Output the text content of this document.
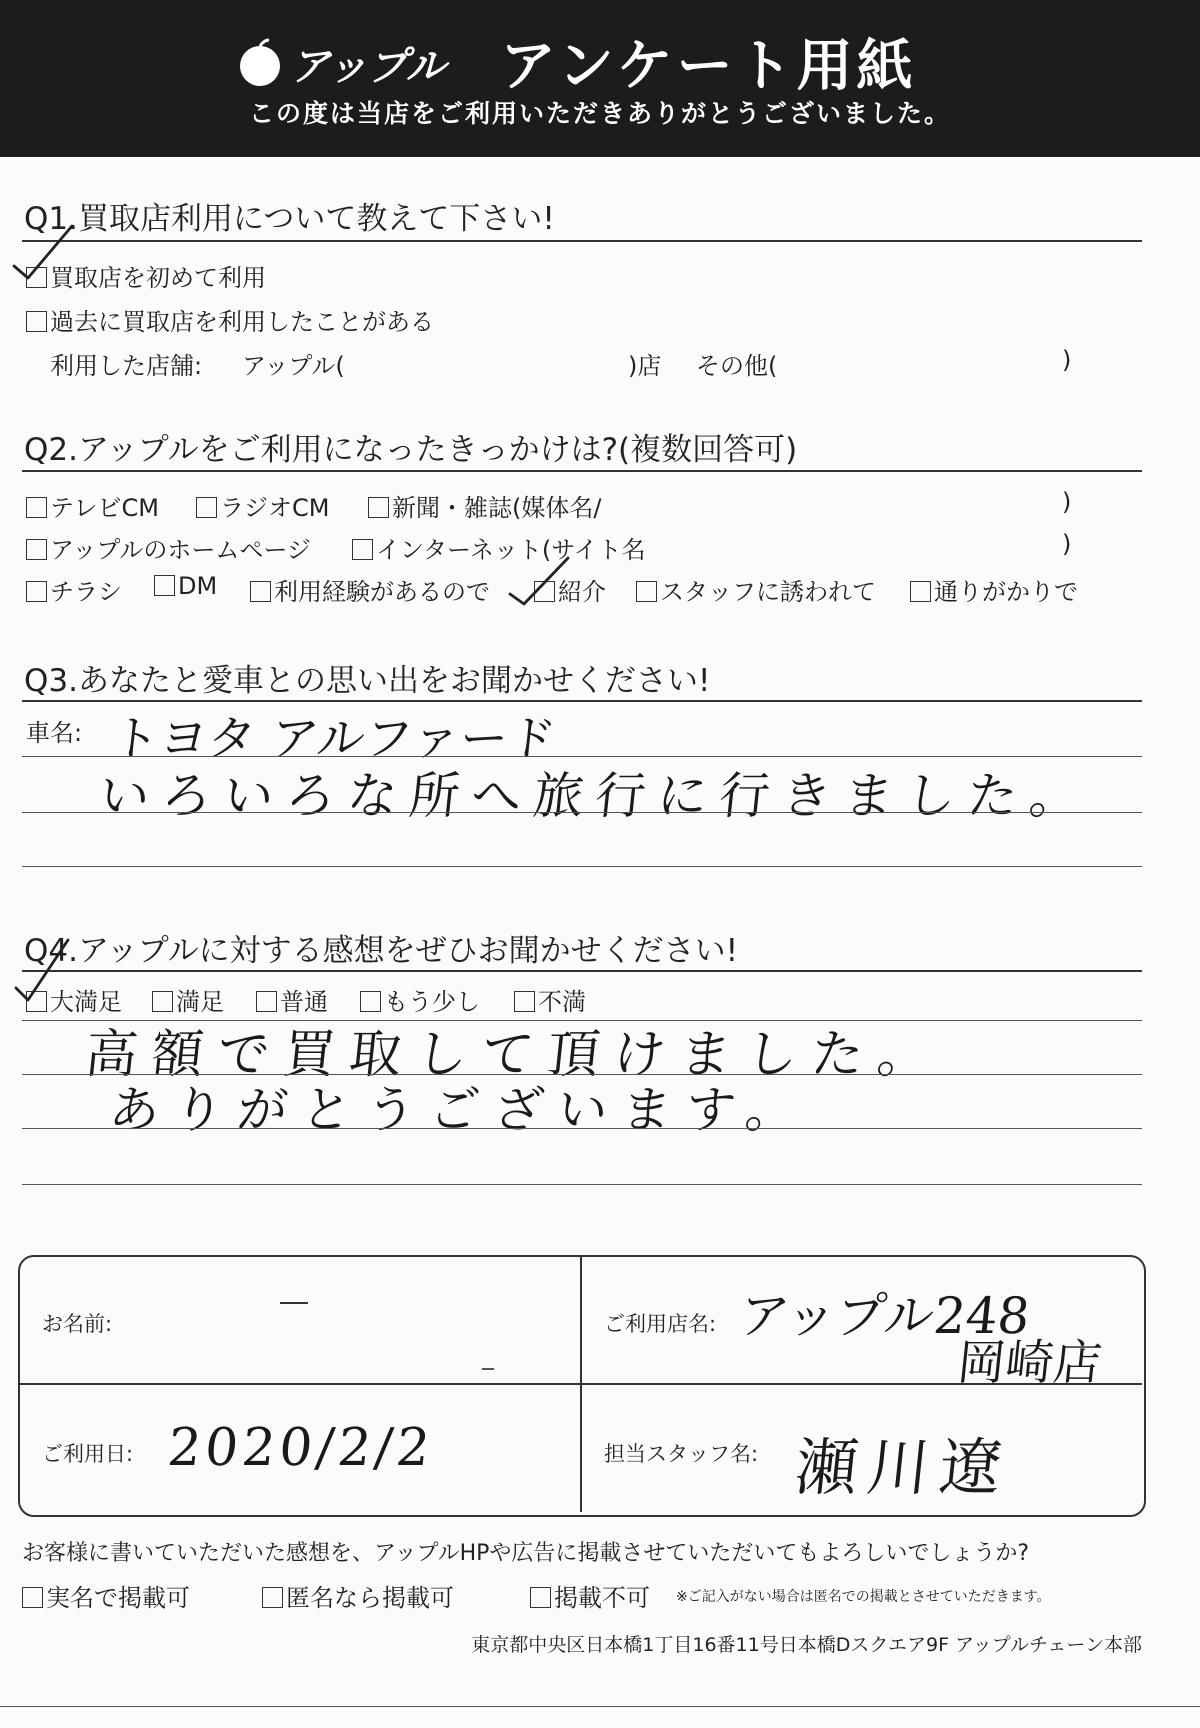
アップル アンケート用紙
この度は当店をご利用いただきありがとうございました。
Q1.買取店利用について教えて下さい!
買取店を初めて利用
過去に買取店を利用したことがある
利用した店舗: アップル(	)店 その他(	)
Q2.アップルをご利用になったきっかけは?(複数回答可)
テレビCM	ラジオCM	新聞・雑誌(媒体名/	)
アップルのホームページ	インターネット(サイト名	)
チラシ	DM	利用経験があるので	紹介	スタッフに誘われて	通りがかりで
Q3.あなたと愛車との思い出をお聞かせください!
車名: トヨタ アルファード
いろいろな所へ旅行に行きました。
Q4.アップルに対する感想をぜひお聞かせください!
大満足	満足	普通	もう少し	不満
高額で買取して頂けました。
ありがとうございます。
お名前:	ご利用店名: アップル248
岡崎店
ご利用日: 2020/2/2	担当スタッフ名: 瀬川遼
お客様に書いていただいた感想を、アップルHPや広告に掲載させていただいてもよろしいでしょうか?
実名で掲載可	匿名なら掲載可	掲載不可 ※ご記入がない場合は匿名での掲載とさせていただきます。
東京都中央区日本橋1丁目16番11号日本橋Dスクエア9F アップルチェーン本部
